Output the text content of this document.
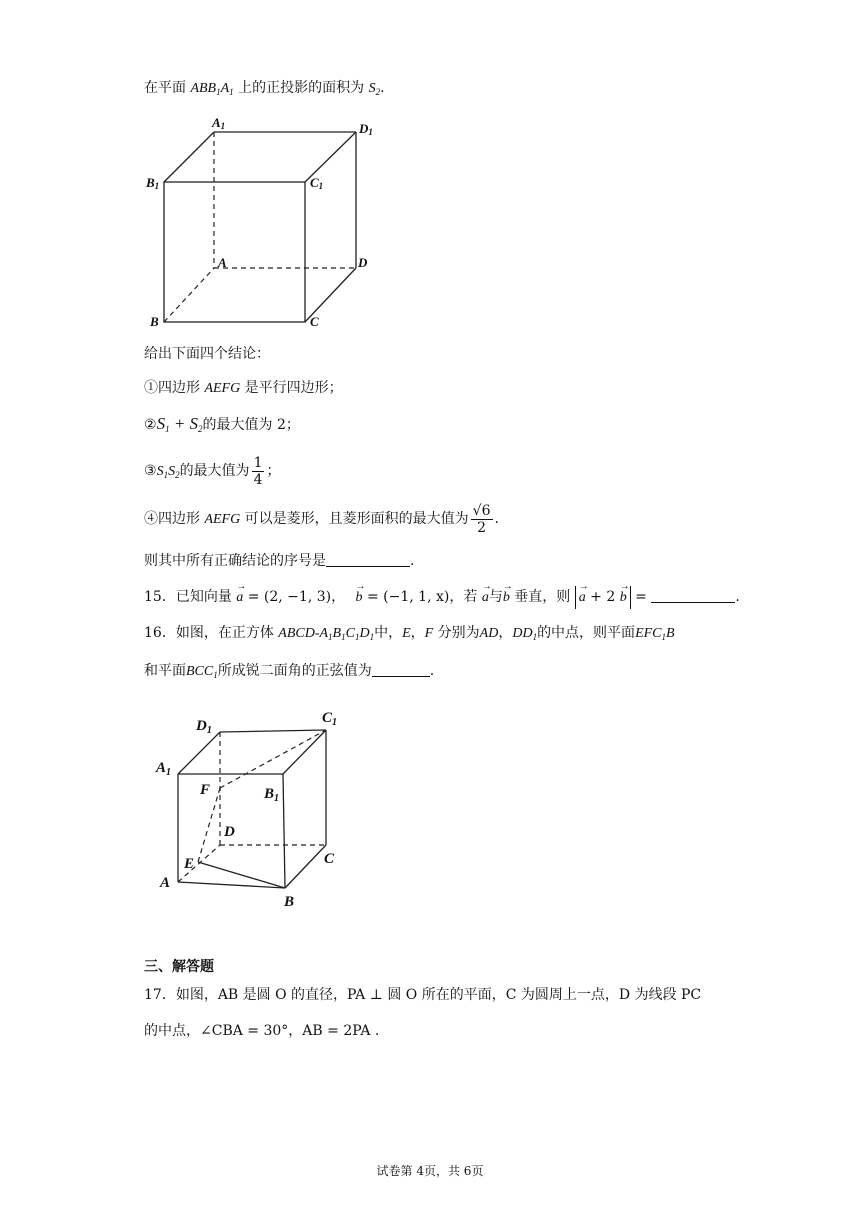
在平面 $ABB_1A_1$ 上的正投影的面积为 $S_2$.
A1	D1
B1	C1
A	D
B	C
给出下面四个结论：
①四边形 AEFG 是平行四边形；
$②S_1 + S_2$的最大值为 2；
$③S_1S_2$的最大值为 $\frac{1}{4}$ ；
④四边形 AEFG 可以是菱形，且菱形面积的最大值为 $\frac{√6}{2}$ .
则其中所有正确结论的序号是	.
15．已知向量 → a = (2, −1, 3)， → b = (−1, 1, x)，若 → a与→ b 垂直，则 → a + 2 → b =	.
16．如图，在正方体 ABCD-$A_1B_1C_1D_1$中，E，F 分别为AD，$DD_1$的中点，则平面$EFC_1B$
和平面$BCC_1$所成锐二面角的正弦值为	.
$D_1$
$C_1$
$A_1$
F	$B_1$
D
E	C
A
B
三、解答题
17．如图，AB 是圆 O 的直径，PA ⊥ 圆 O 所在的平面，C 为圆周上一点，D 为线段 PC
的中点，∠CBA = 30°，AB = 2PA .
试卷第 4页，共 6页
